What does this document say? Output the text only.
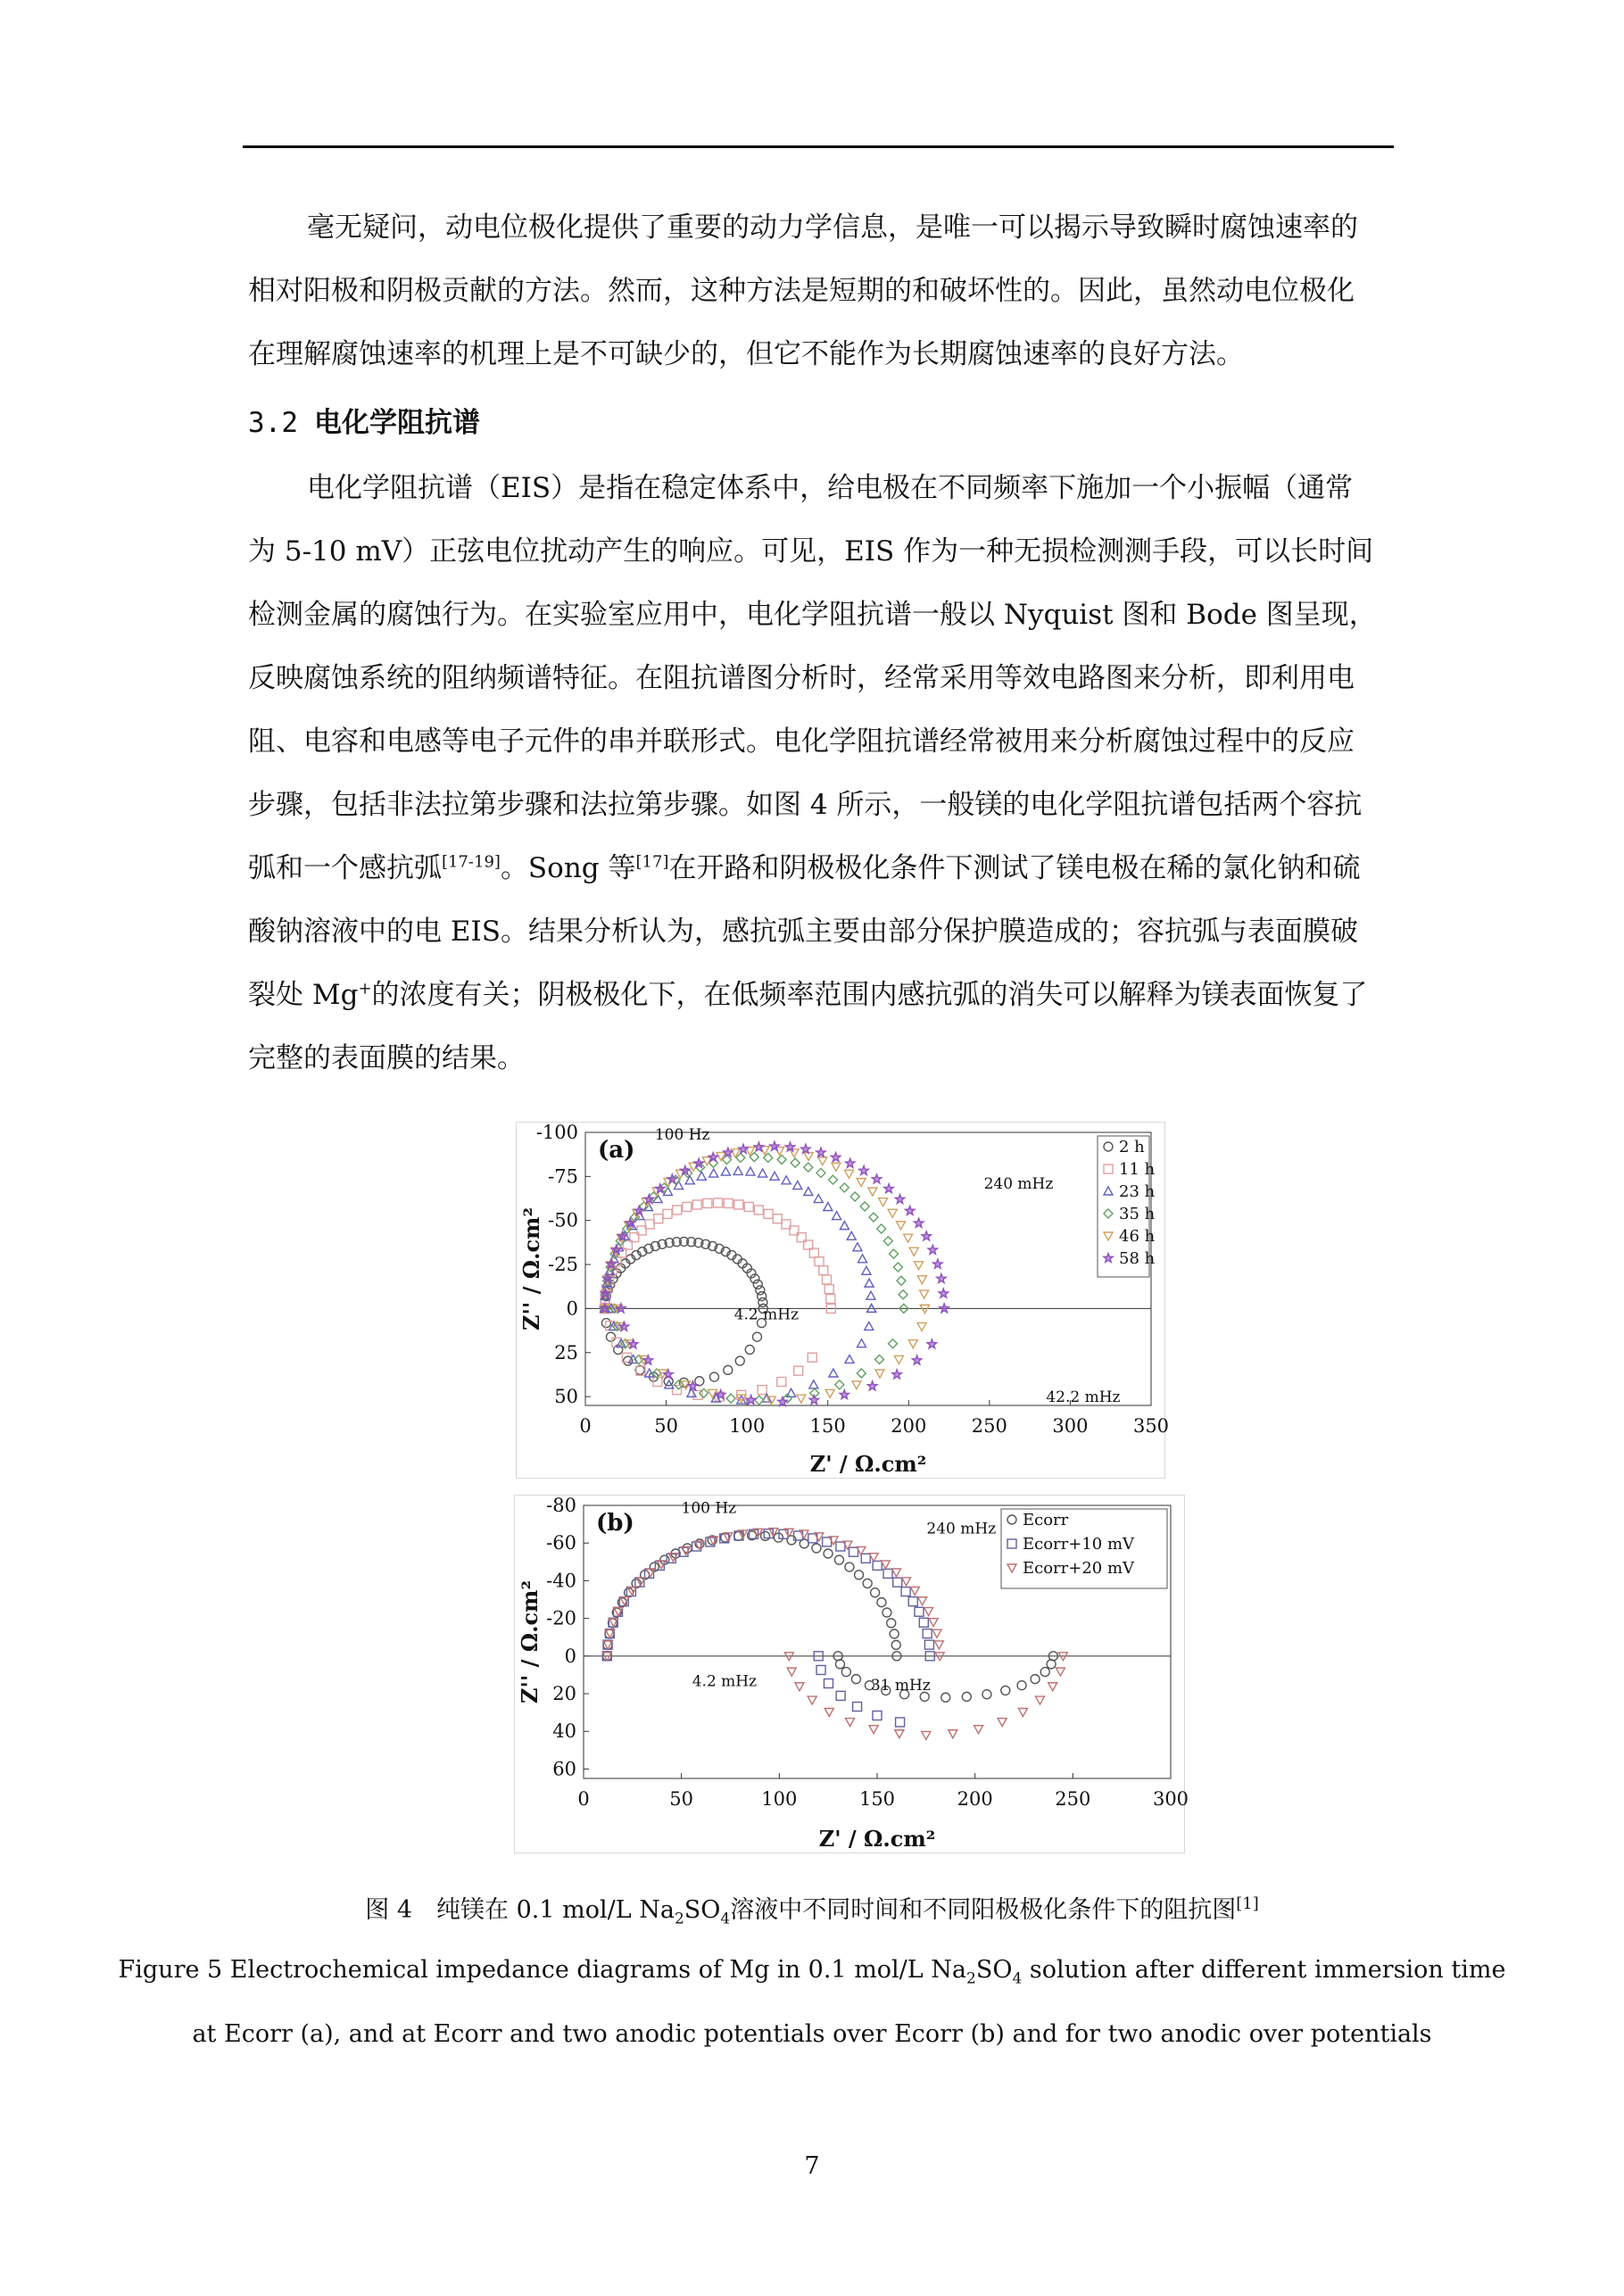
毫无疑问，动电位极化提供了重要的动力学信息，是唯一可以揭示导致瞬时腐蚀速率的
相对阳极和阴极贡献的方法。然而，这种方法是短期的和破坏性的。因此，虽然动电位极化
在理解腐蚀速率的机理上是不可缺少的，但它不能作为长期腐蚀速率的良好方法。
3.2 电化学阻抗谱
电化学阻抗谱（EIS）是指在稳定体系中，给电极在不同频率下施加一个小振幅（通常
为 5-10 mV）正弦电位扰动产生的响应。可见，EIS 作为一种无损检测测手段，可以长时间
检测金属的腐蚀行为。在实验室应用中，电化学阻抗谱一般以 Nyquist 图和 Bode 图呈现，
反映腐蚀系统的阻纳频谱特征。在阻抗谱图分析时，经常采用等效电路图来分析，即利用电
阻、电容和电感等电子元件的串并联形式。电化学阻抗谱经常被用来分析腐蚀过程中的反应
步骤，包括非法拉第步骤和法拉第步骤。如图 4 所示，一般镁的电化学阻抗谱包括两个容抗
弧和一个感抗弧[17-19]。Song 等[17]在开路和阴极极化条件下测试了镁电极在稀的氯化钠和硫
酸钠溶液中的电 EIS。结果分析认为，感抗弧主要由部分保护膜造成的；容抗弧与表面膜破
裂处 Mg+的浓度有关；阴极极化下，在低频率范围内感抗弧的消失可以解释为镁表面恢复了
完整的表面膜的结果。
0	50	100 150 200 250 300 350
-100
-75
-50
-25
0
25
50
Z' / Ω.cm²
Z'' / Ω.cm²
(a)
100 Hz
240 mHz
4.2 mHz
42.2 mHz
2 h
11 h
23 h
35 h
46 h
58 h
0	50	100	150	200	250	300
-80
-60
-40
-20
0
20
40
60
Z' / Ω.cm²
Z'' / Ω.cm²
(b)
100 Hz
240 mHz
4.2 mHz	31 mHz
Ecorr
Ecorr+10 mV
Ecorr+20 mV

图 4　纯镁在 0.1 mol/L $Na_2SO_4$溶液中不同时间和不同阳极极化条件下的阻抗图[1]

Figure 5 Electrochemical impedance diagrams of Mg in 0.1 mol/L $Na_2SO_4$ solution after different immersion time

at Ecorr (a), and at Ecorr and two anodic potentials over Ecorr (b) and for two anodic over potentials

7
